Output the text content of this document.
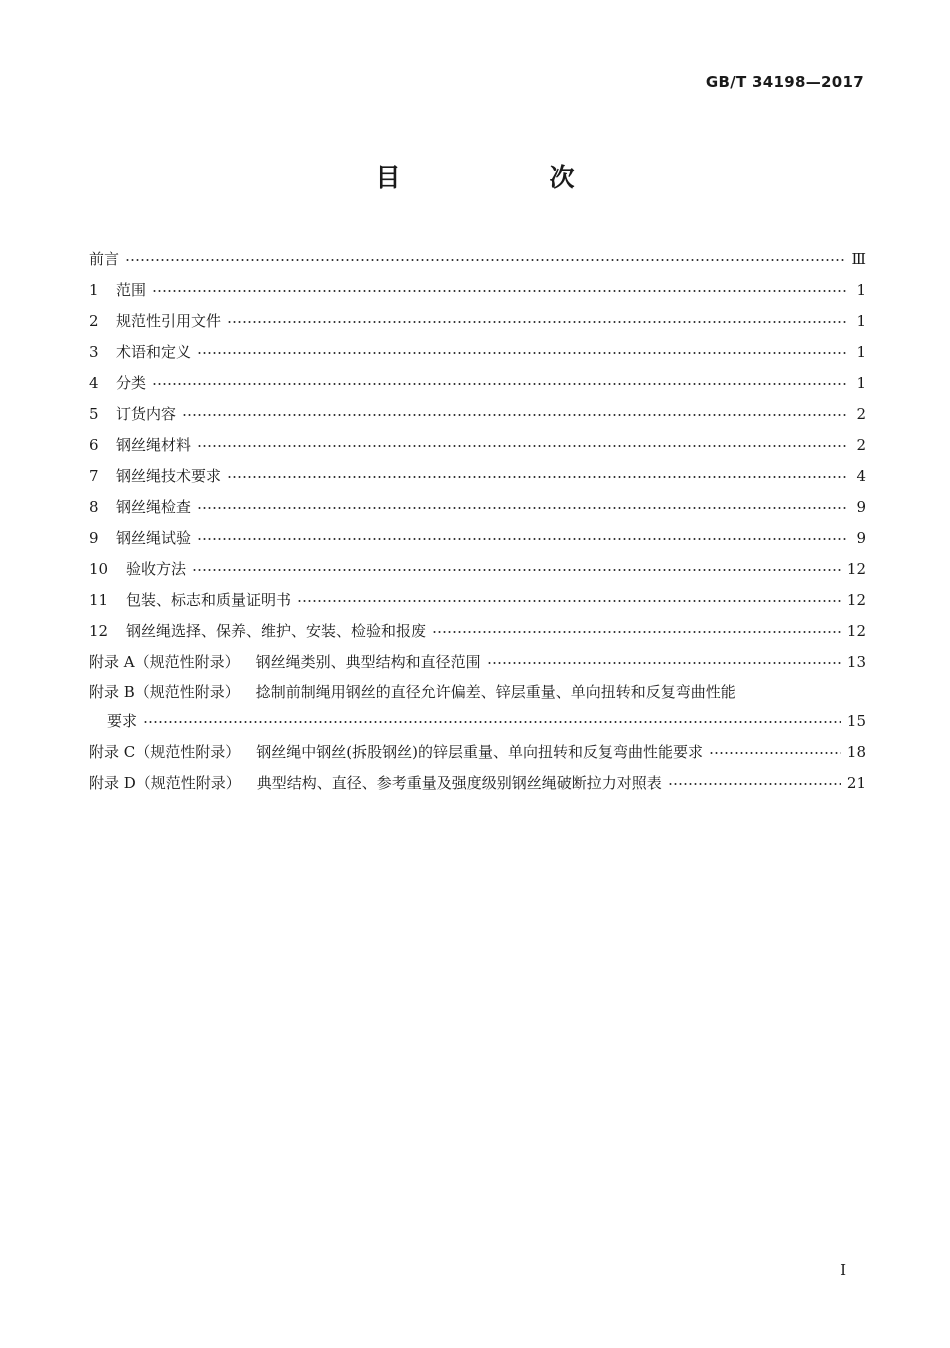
GB/T 34198—2017
目　次
前言	Ⅲ
1	范围	1
2	规范性引用文件	1
3	术语和定义	1
4	分类	1
5	订货内容	2
6	钢丝绳材料	2
7	钢丝绳技术要求	4
8	钢丝绳检查	9
9	钢丝绳试验	9
10	验收方法	12
11	包装、标志和质量证明书	12
12	钢丝绳选择、保养、维护、安装、检验和报废	12
附录 A（规范性附录） 钢丝绳类别、典型结构和直径范围	13
附录 B（规范性附录） 捻制前制绳用钢丝的直径允许偏差、锌层重量、单向扭转和反复弯曲性能
要求	15
附录 C（规范性附录） 钢丝绳中钢丝(拆股钢丝)的锌层重量、单向扭转和反复弯曲性能要求	18
附录 D（规范性附录） 典型结构、直径、参考重量及强度级别钢丝绳破断拉力对照表	21
I
